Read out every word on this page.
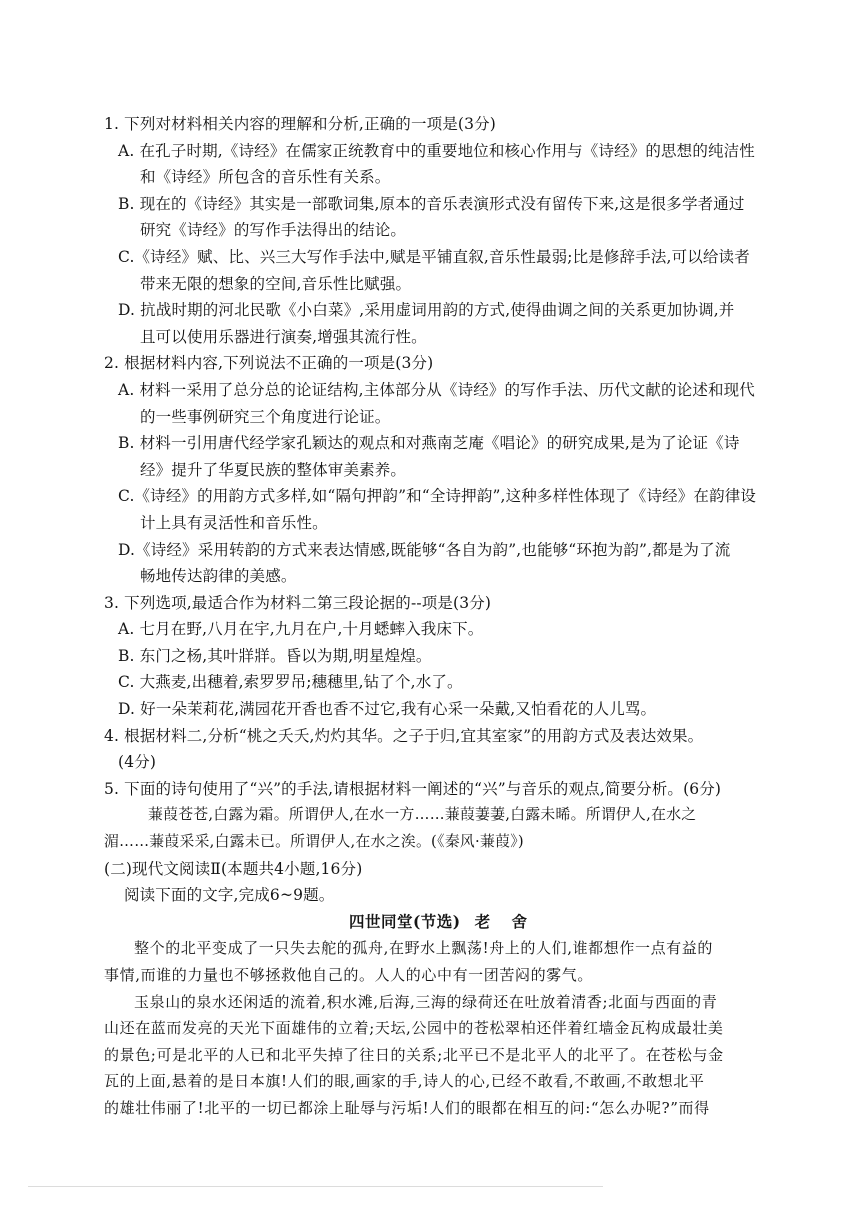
1. 下列对材料相关内容的理解和分析,正确的一项是(3分)

A. 在孔子时期,《诗经》在儒家正统教育中的重要地位和核心作用与《诗经》的思想的纯洁性
和《诗经》所包含的音乐性有关系。

B. 现在的《诗经》其实是一部歌词集,原本的音乐表演形式没有留传下来,这是很多学者通过
研究《诗经》的写作手法得出的结论。

C.《诗经》赋、比、兴三大写作手法中,赋是平铺直叙,音乐性最弱;比是修辞手法,可以给读者
带来无限的想象的空间,音乐性比赋强。

D. 抗战时期的河北民歌《小白菜》,采用虚词用韵的方式,使得曲调之间的关系更加协调,并
且可以使用乐器进行演奏,增强其流行性。

2. 根据材料内容,下列说法不正确的一项是(3分)

A. 材料一采用了总分总的论证结构,主体部分从《诗经》的写作手法、历代文献的论述和现代
的一些事例研究三个角度进行论证。

B. 材料一引用唐代经学家孔颖达的观点和对燕南芝庵《唱论》的研究成果,是为了论证《诗
经》提升了华夏民族的整体审美素养。

C.《诗经》的用韵方式多样,如“隔句押韵”和“全诗押韵”,这种多样性体现了《诗经》在韵律设
计上具有灵活性和音乐性。

D.《诗经》采用转韵的方式来表达情感,既能够“各自为韵”,也能够“环抱为韵”,都是为了流
畅地传达韵律的美感。

3. 下列选项,最适合作为材料二第三段论据的--项是(3分)

A. 七月在野,八月在宇,九月在户,十月蟋蟀入我床下。

B. 东门之杨,其叶牂牂。昏以为期,明星煌煌。

C. 大燕麦,出穗着,索罗罗吊;穗穗里,钻了个,水了。

D. 好一朵茉莉花,满园花开香也香不过它,我有心采一朵戴,又怕看花的人儿骂。

4. 根据材料二,分析“桃之夭夭,灼灼其华。之子于归,宜其室家”的用韵方式及表达效果。

(4分)

5. 下面的诗句使用了“兴”的手法,请根据材料一阐述的“兴”与音乐的观点,简要分析。(6分)

蒹葭苍苍,白露为霜。所谓伊人,在水一方……蒹葭萋萋,白露未晞。所谓伊人,在水之

湄……蒹葭采采,白露未已。所谓伊人,在水之涘。(《秦风·蒹葭》)

(二)现代文阅读Ⅱ(本题共4小题,16分)

阅读下面的文字,完成6~9题。

四世同堂(节选) 老 舍

整个的北平变成了一只失去舵的孤舟,在野水上飘荡!舟上的人们,谁都想作一点有益的
事情,而谁的力量也不够拯救他自己的。人人的心中有一团苦闷的雾气。

玉泉山的泉水还闲适的流着,积水滩,后海,三海的绿荷还在吐放着清香;北面与西面的青
山还在蓝而发亮的天光下面雄伟的立着;天坛,公园中的苍松翠柏还伴着红墙金瓦构成最壮美
的景色;可是北平的人已和北平失掉了往日的关系;北平已不是北平人的北平了。在苍松与金
瓦的上面,悬着的是日本旗!人们的眼,画家的手,诗人的心,已经不敢看,不敢画,不敢想北平
的雄壮伟丽了!北平的一切已都涂上耻辱与污垢!人们的眼都在相互的问:“怎么办呢?”而得
